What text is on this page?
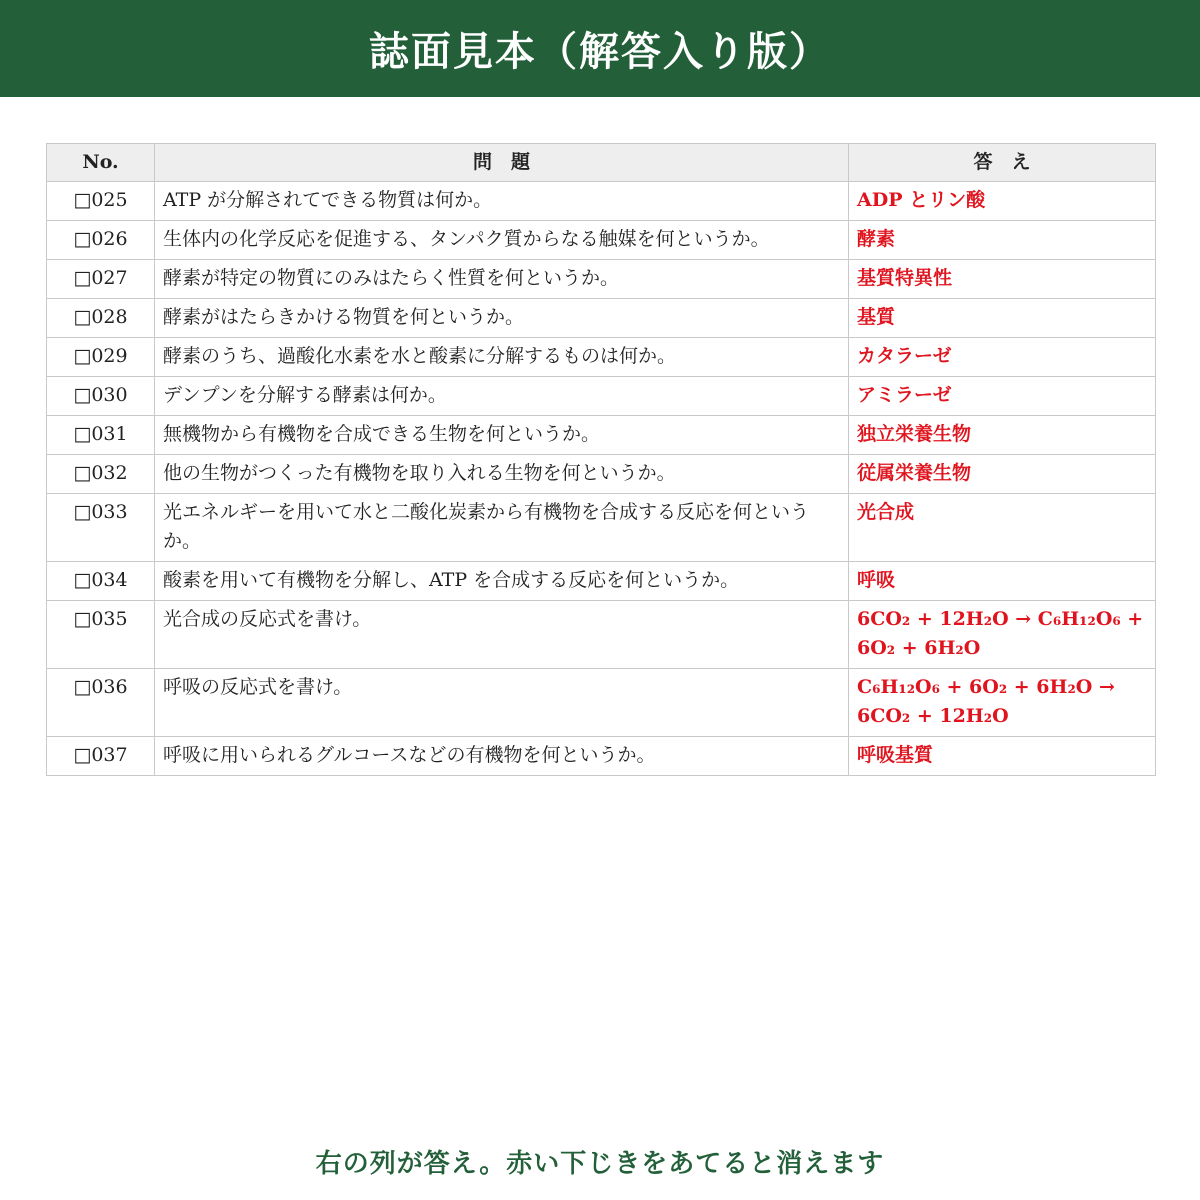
誌面見本（解答入り版）
No.	問　題	答　え
□025	ATP が分解されてできる物質は何か。	ADP とリン酸
□026	生体内の化学反応を促進する、タンパク質からなる触媒を何というか。	酵素
□027	酵素が特定の物質にのみはたらく性質を何というか。	基質特異性
□028	酵素がはたらきかける物質を何というか。	基質
□029	酵素のうち、過酸化水素を水と酸素に分解するものは何か。	カタラーゼ
□030	デンプンを分解する酵素は何か。	アミラーゼ
□031	無機物から有機物を合成できる生物を何というか。	独立栄養生物
□032	他の生物がつくった有機物を取り入れる生物を何というか。	従属栄養生物
□033	光エネルギーを用いて水と二酸化炭素から有機物を合成する反応を何というか。	光合成
□034	酸素を用いて有機物を分解し、ATP を合成する反応を何というか。	呼吸
□035	光合成の反応式を書け。	6CO₂ + 12H₂O → C₆H₁₂O₆ + 6O₂ + 6H₂O
□036	呼吸の反応式を書け。	C₆H₁₂O₆ + 6O₂ + 6H₂O → 6CO₂ + 12H₂O
□037	呼吸に用いられるグルコースなどの有機物を何というか。	呼吸基質
右の列が答え。赤い下じきをあてると消えます
